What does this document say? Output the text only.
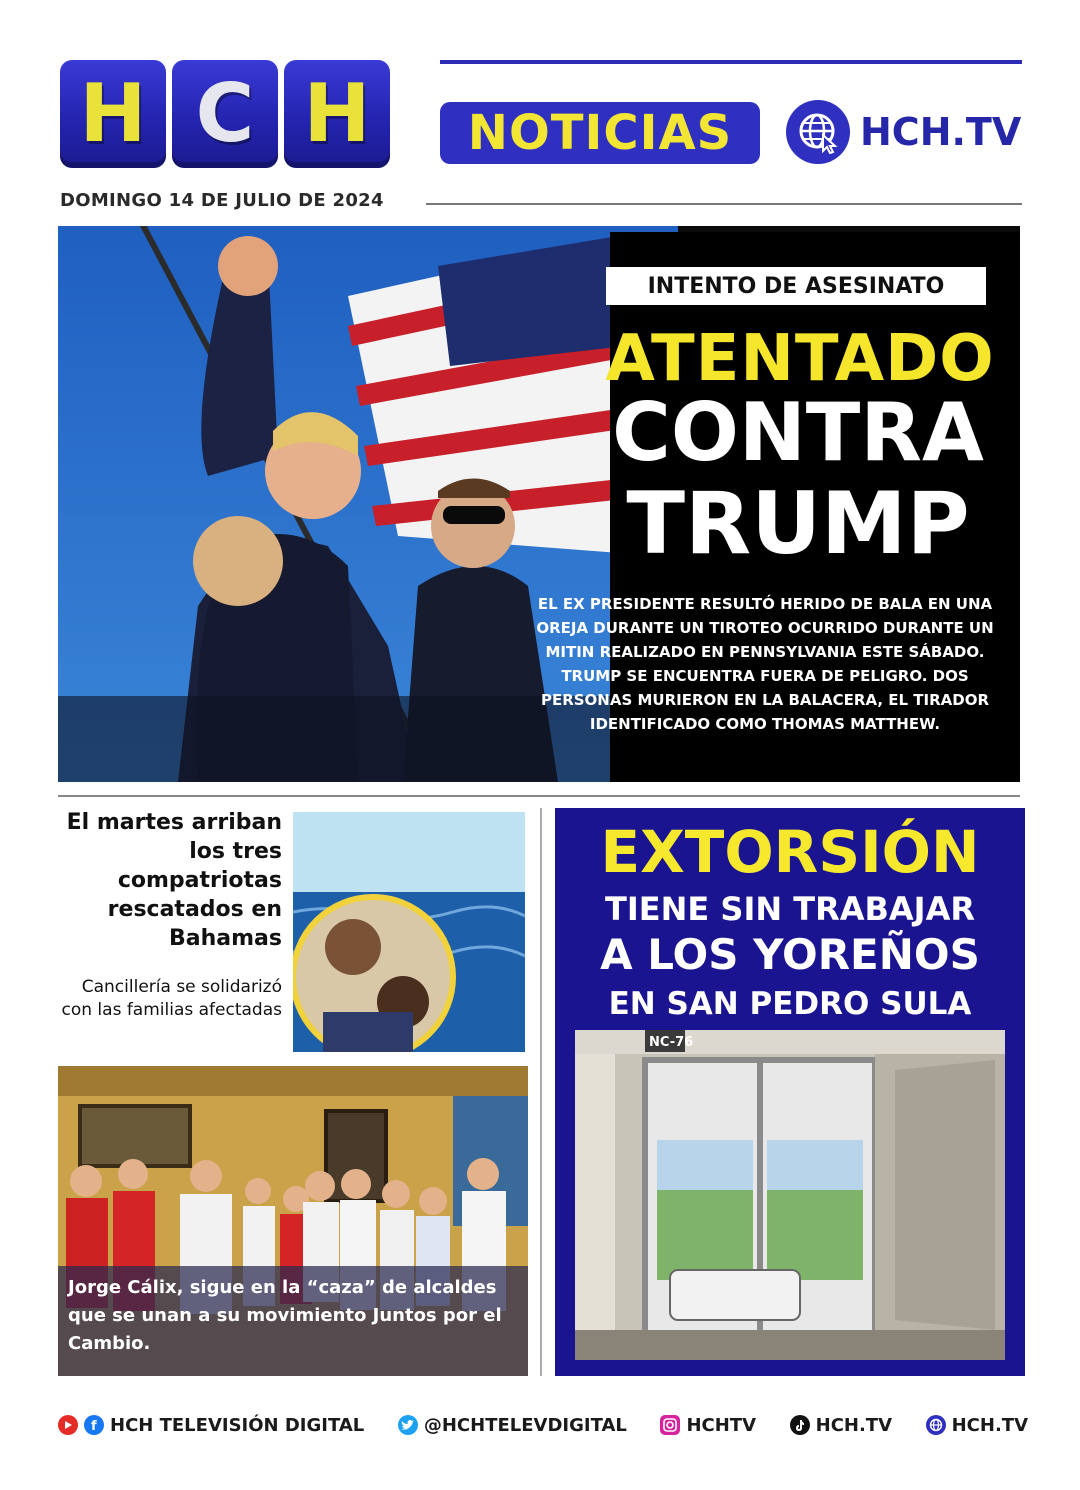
H C H NOTICIAS	HCH.TV
DOMINGO 14 DE JULIO DE 2024
INTENTO DE ASESINATO
ATENTADO
CONTRA
TRUMP
EL EX PRESIDENTE RESULTÓ HERIDO DE BALA EN UNA OREJA DURANTE UN TIROTEO OCURRIDO DURANTE UN MITIN REALIZADO EN PENNSYLVANIA ESTE SÁBADO. TRUMP SE ENCUENTRA FUERA DE PELIGRO. DOS PERSONAS MURIERON EN LA BALACERA, EL TIRADOR IDENTIFICADO COMO THOMAS MATTHEW.
El martes arriban los tres compatriotas rescatados en Bahamas
Cancillería se solidarizó con las familias afectadas
Jorge Cálix, sigue en la “caza” de alcaldes que se unan a su movimiento Juntos por el Cambio.
EXTORSIÓN
TIENE SIN TRABAJAR
A LOS YOREÑOS
EN SAN PEDRO SULA
NC-76
f HCH TELEVISIÓN DIGITAL	@HCHTELEVDIGITAL	HCHTV	HCH.TV	HCH.TV
